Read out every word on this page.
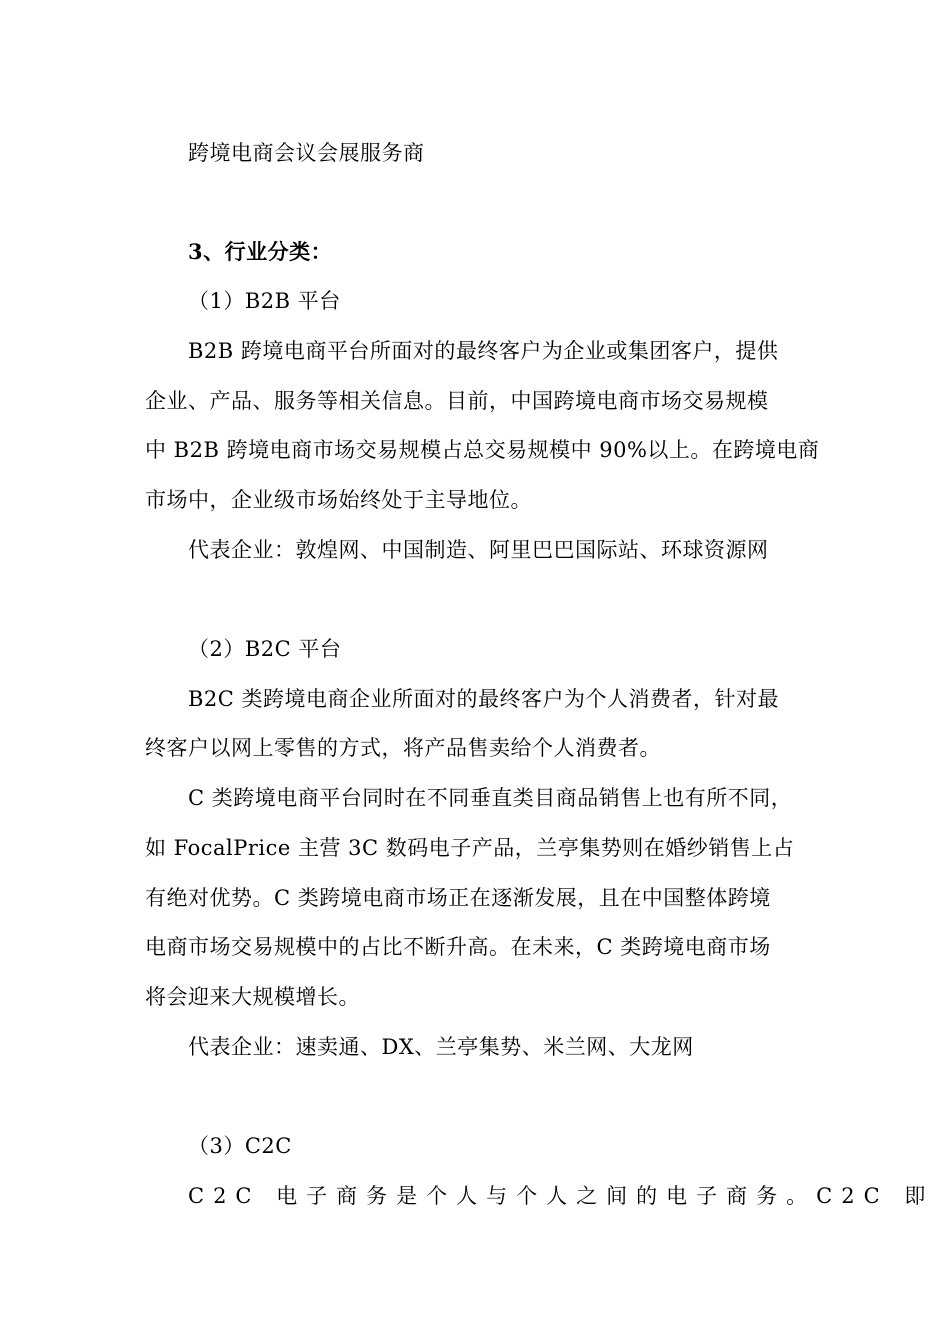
跨境电商会议会展服务商
3、行业分类：
（1）B2B 平台
B2B 跨境电商平台所面对的最终客户为企业或集团客户，提供
企业、产品、服务等相关信息。目前，中国跨境电商市场交易规模
中 B2B 跨境电商市场交易规模占总交易规模中 90%以上。在跨境电商
市场中，企业级市场始终处于主导地位。
代表企业：敦煌网、中国制造、阿里巴巴国际站、环球资源网
（2）B2C 平台
B2C 类跨境电商企业所面对的最终客户为个人消费者，针对最
终客户以网上零售的方式，将产品售卖给个人消费者。
C 类跨境电商平台同时在不同垂直类目商品销售上也有所不同，
如 FocalPrice 主营 3C 数码电子产品，兰亭集势则在婚纱销售上占
有绝对优势。C 类跨境电商市场正在逐渐发展，且在中国整体跨境
电商市场交易规模中的占比不断升高。在未来，C 类跨境电商市场
将会迎来大规模增长。
代表企业：速卖通、DX、兰亭集势、米兰网、大龙网
（3）C2C
C2C 电子商务是个人与个人之间的电子商务。C2C 即
